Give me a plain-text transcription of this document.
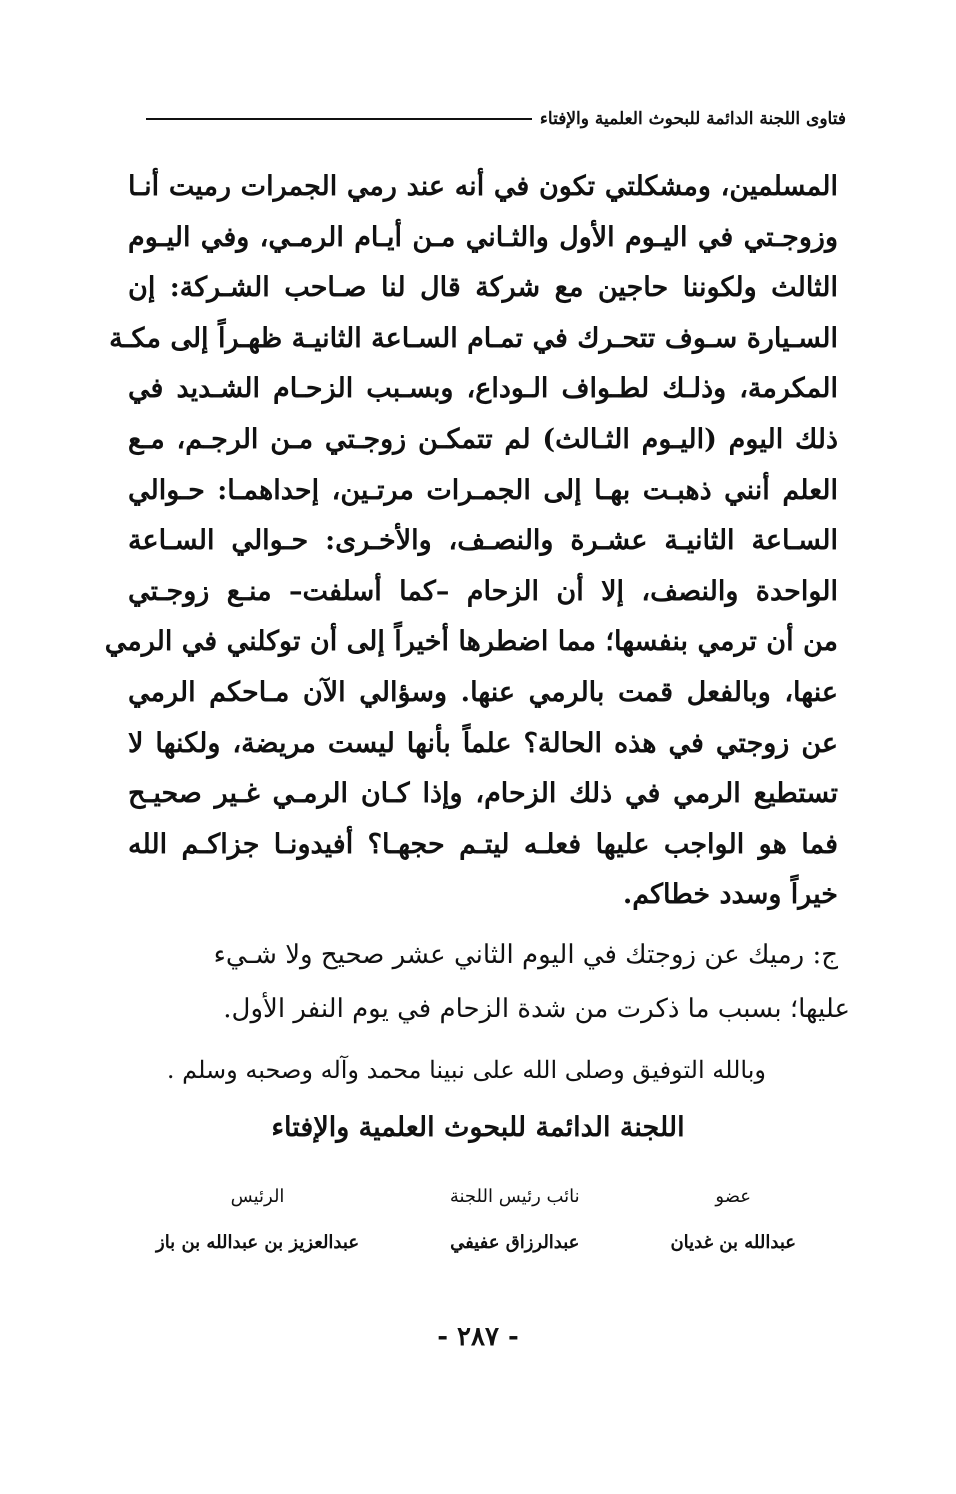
فتاوى اللجنة الدائمة للبحوث العلمية والإفتاء
المسلمين، ومشكلتي تكون في أنه عند رمي الجمرات رميت أنـا
وزوجـتي في اليـوم الأول والثـاني مـن أيـام الرمـي، وفي اليـوم
الثالث ولكوننا حاجين مع شركة قال لنا صـاحب الشـركة: إن
السـيارة سـوف تتحـرك في تمـام السـاعة الثانيـة ظهـراً إلى مكـة
المكرمة، وذلـك لطـواف الـوداع، وبسـبب الزحـام الشـديد في
ذلك اليوم (اليـوم الثـالث) لم تتمكـن زوجـتي مـن الرجـم، مـع
العلم أنني ذهبـت بهـا إلى الجمـرات مرتـين، إحداهمـا: حـوالي
السـاعة الثانيـة عشـرة والنصـف، والأخـرى: حـوالي السـاعة
الواحدة والنصف، إلا أن الزحام –كما أسلفت– منـع زوجـتي
من أن ترمي بنفسها؛ مما اضطرها أخيراً إلى أن توكلني في الرمي
عنها، وبالفعل قمت بالرمي عنها. وسؤالي الآن مـاحكم الرمي
عن زوجتي في هذه الحالة؟ علماً بأنها ليست مريضة، ولكنها لا
تستطيع الرمي في ذلك الزحام، وإذا كـان الرمـي غـير صحيـح
فما هو الواجب عليها فعلـه ليتـم حجهـا؟ أفيدونـا جزاكـم الله
خيراً وسدد خطاكم.
ج: رميك عن زوجتك في اليوم الثاني عشر صحيح ولا شـيء
عليها؛ بسبب ما ذكرت من شدة الزحام في يوم النفر الأول.
وبالله التوفيق وصلى الله على نبينا محمد وآله وصحبه وسلم .
اللجنة الدائمة للبحوث العلمية والإفتاء
عضو
عبدالله بن غديان
نائب رئيس اللجنة
عبدالرزاق عفيفي
الرئيس
عبدالعزيز بن عبدالله بن باز
- ٢٨٧ -
